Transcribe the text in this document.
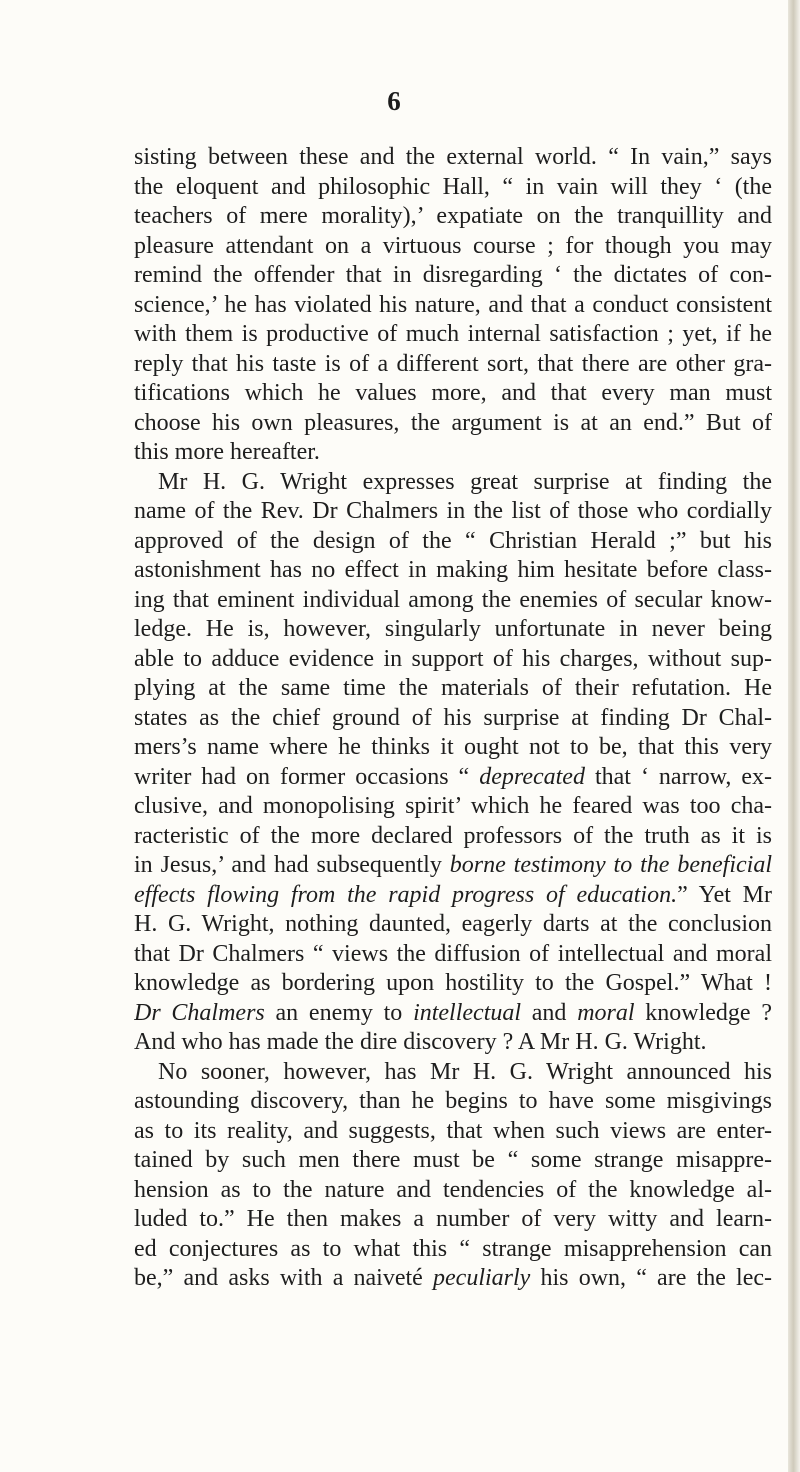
6
sisting between these and the external world. “ In vain,” says
the eloquent and philosophic Hall, “ in vain will they ‘ (the
teachers of mere morality),’ expatiate on the tranquillity and
pleasure attendant on a virtuous course ; for though you may
remind the offender that in disregarding ‘ the dictates of con-
science,’ he has violated his nature, and that a conduct consistent
with them is productive of much internal satisfaction ; yet, if he
reply that his taste is of a different sort, that there are other gra-
tifications which he values more, and that every man must
choose his own pleasures, the argument is at an end.” But of
this more hereafter.
Mr H. G. Wright expresses great surprise at finding the
name of the Rev. Dr Chalmers in the list of those who cordially
approved of the design of the “ Christian Herald ;” but his
astonishment has no effect in making him hesitate before class-
ing that eminent individual among the enemies of secular know-
ledge. He is, however, singularly unfortunate in never being
able to adduce evidence in support of his charges, without sup-
plying at the same time the materials of their refutation. He
states as the chief ground of his surprise at finding Dr Chal-
mers’s name where he thinks it ought not to be, that this very
writer had on former occasions “ deprecated that ‘ narrow, ex-
clusive, and monopolising spirit’ which he feared was too cha-
racteristic of the more declared professors of the truth as it is
in Jesus,’ and had subsequently borne testimony to the beneficial
effects flowing from the rapid progress of education.” Yet Mr
H. G. Wright, nothing daunted, eagerly darts at the conclusion
that Dr Chalmers “ views the diffusion of intellectual and moral
knowledge as bordering upon hostility to the Gospel.” What !
Dr Chalmers an enemy to intellectual and moral knowledge ?
And who has made the dire discovery ? A Mr H. G. Wright.
No sooner, however, has Mr H. G. Wright announced his
astounding discovery, than he begins to have some misgivings
as to its reality, and suggests, that when such views are enter-
tained by such men there must be “ some strange misappre-
hension as to the nature and tendencies of the knowledge al-
luded to.” He then makes a number of very witty and learn-
ed conjectures as to what this “ strange misapprehension can
be,” and asks with a naiveté peculiarly his own, “ are the lec-
